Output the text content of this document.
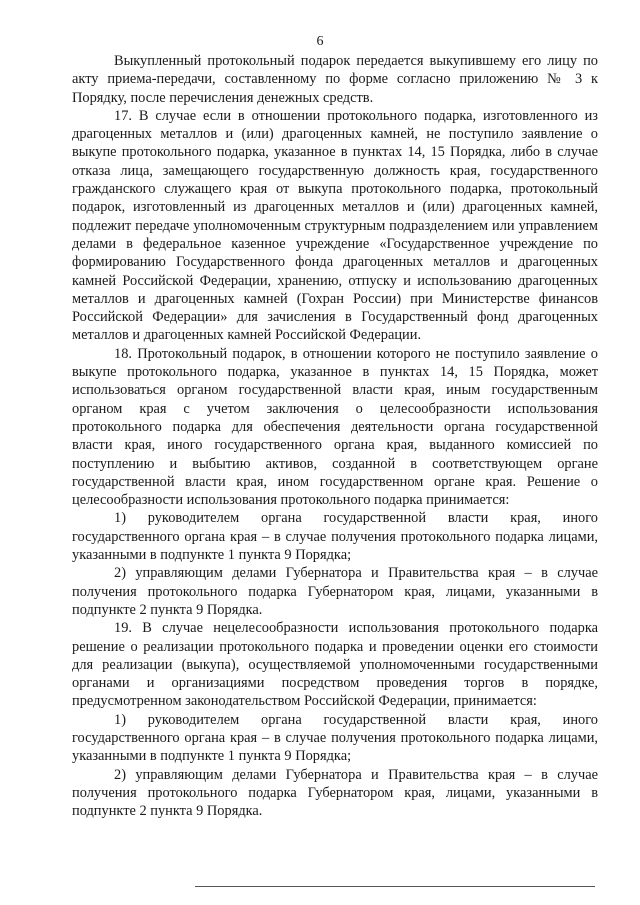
6

Выкупленный протокольный подарок передается выкупившему его лицу по акту приема-передачи, составленному по форме согласно приложению № 3 к Порядку, после перечисления денежных средств.

17. В случае если в отношении протокольного подарка, изготовленного из драгоценных металлов и (или) драгоценных камней, не поступило заявление о выкупе протокольного подарка, указанное в пунктах 14, 15 Порядка, либо в случае отказа лица, замещающего государственную должность края, государственного гражданского служащего края от выкупа протокольного подарка, протокольный подарок, изготовленный из драгоценных металлов и (или) драгоценных камней, подлежит передаче уполномоченным структурным подразделением или управлением делами в федеральное казенное учреждение «Государственное учреждение по формированию Государственного фонда драгоценных металлов и драгоценных камней Российской Федерации, хранению, отпуску и использованию драгоценных металлов и драгоценных камней (Гохран России) при Министерстве финансов Российской Федерации» для зачисления в Государственный фонд драгоценных металлов и драгоценных камней Российской Федерации.

18. Протокольный подарок, в отношении которого не поступило заявление о выкупе протокольного подарка, указанное в пунктах 14, 15 Порядка, может использоваться органом государственной власти края, иным государственным органом края с учетом заключения о целесообразности использования протокольного подарка для обеспечения деятельности органа государственной власти края, иного государственного органа края, выданного комиссией по поступлению и выбытию активов, созданной в соответствующем органе государственной власти края, ином государственном органе края. Решение о целесообразности использования протокольного подарка принимается:

1) руководителем органа государственной власти края, иного государственного органа края – в случае получения протокольного подарка лицами, указанными в подпункте 1 пункта 9 Порядка;

2) управляющим делами Губернатора и Правительства края – в случае получения протокольного подарка Губернатором края, лицами, указанными в подпункте 2 пункта 9 Порядка.

19. В случае нецелесообразности использования протокольного подарка решение о реализации протокольного подарка и проведении оценки его стоимости для реализации (выкупа), осуществляемой уполномоченными государственными органами и организациями посредством проведения торгов в порядке, предусмотренном законодательством Российской Федерации, принимается:

1) руководителем органа государственной власти края, иного государственного органа края – в случае получения протокольного подарка лицами, указанными в подпункте 1 пункта 9 Порядка;

2) управляющим делами Губернатора и Правительства края – в случае получения протокольного подарка Губернатором края, лицами, указанными в подпункте 2 пункта 9 Порядка.
